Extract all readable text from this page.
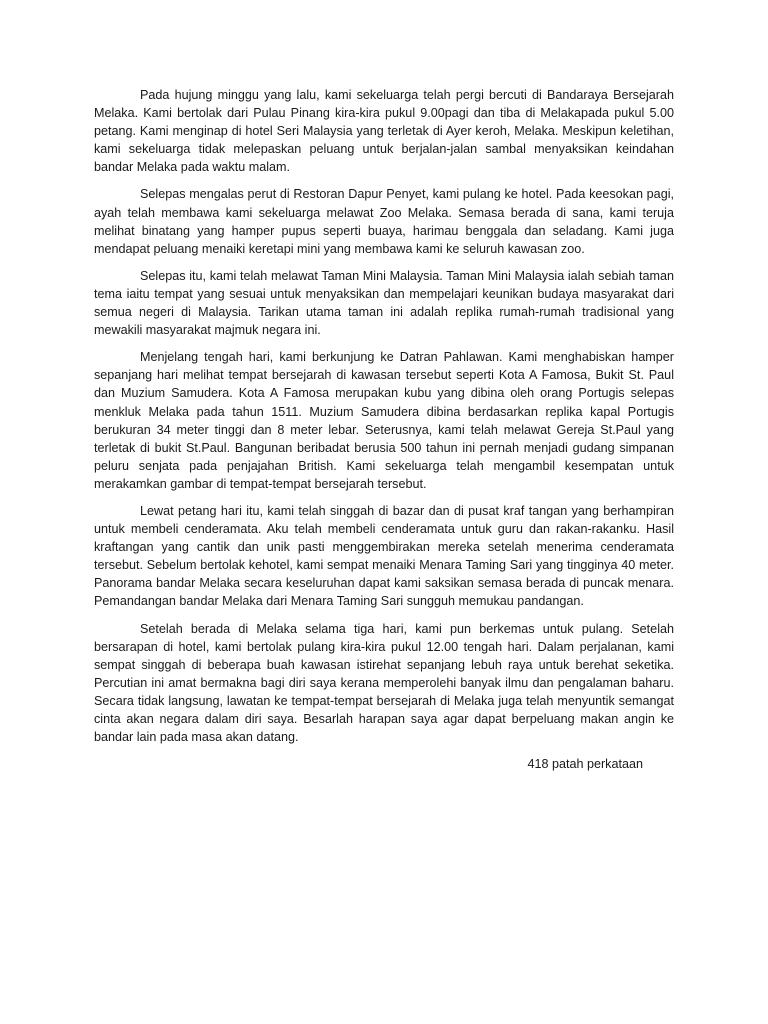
Pada hujung minggu yang lalu, kami sekeluarga telah pergi bercuti di Bandaraya Bersejarah Melaka. Kami bertolak dari Pulau Pinang kira-kira pukul 9.00pagi dan tiba di Melakapada pukul 5.00 petang. Kami menginap di hotel Seri Malaysia yang terletak di Ayer keroh, Melaka. Meskipun keletihan, kami sekeluarga tidak melepaskan peluang untuk berjalan-jalan sambal menyaksikan keindahan bandar Melaka pada waktu malam.

Selepas mengalas perut di Restoran Dapur Penyet, kami pulang ke hotel. Pada keesokan pagi, ayah telah membawa kami sekeluarga melawat Zoo Melaka. Semasa berada di sana, kami teruja melihat binatang yang hamper pupus seperti buaya, harimau benggala dan seladang. Kami juga mendapat peluang menaiki keretapi mini yang membawa kami ke seluruh kawasan zoo.

Selepas itu, kami telah melawat Taman Mini Malaysia. Taman Mini Malaysia ialah sebiah taman tema iaitu tempat yang sesuai untuk menyaksikan dan mempelajari keunikan budaya masyarakat dari semua negeri di Malaysia. Tarikan utama taman ini adalah replika rumah-rumah tradisional yang mewakili masyarakat majmuk negara ini.

Menjelang tengah hari, kami berkunjung ke Datran Pahlawan. Kami menghabiskan hamper sepanjang hari melihat tempat bersejarah di kawasan tersebut seperti Kota A Famosa, Bukit St. Paul dan Muzium Samudera. Kota A Famosa merupakan kubu yang dibina oleh orang Portugis selepas menkluk Melaka pada tahun 1511. Muzium Samudera dibina berdasarkan replika kapal Portugis berukuran 34 meter tinggi dan 8 meter lebar. Seterusnya, kami telah melawat Gereja St.Paul yang terletak di bukit St.Paul. Bangunan beribadat berusia 500 tahun ini pernah menjadi gudang simpanan peluru senjata pada penjajahan British. Kami sekeluarga telah mengambil kesempatan untuk merakamkan gambar di tempat-tempat bersejarah tersebut.

Lewat petang hari itu, kami telah singgah di bazar dan di pusat kraf tangan yang berhampiran untuk membeli cenderamata. Aku telah membeli cenderamata untuk guru dan rakan-rakanku. Hasil kraftangan yang cantik dan unik pasti menggembirakan mereka setelah menerima cenderamata tersebut. Sebelum bertolak kehotel, kami sempat menaiki Menara Taming Sari yang tingginya 40 meter. Panorama bandar Melaka secara keseluruhan dapat kami saksikan semasa berada di puncak menara. Pemandangan bandar Melaka dari Menara Taming Sari sungguh memukau pandangan.

Setelah berada di Melaka selama tiga hari, kami pun berkemas untuk pulang. Setelah bersarapan di hotel, kami bertolak pulang kira-kira pukul 12.00 tengah hari. Dalam perjalanan, kami sempat singgah di beberapa buah kawasan istirehat sepanjang lebuh raya untuk berehat seketika. Percutian ini amat bermakna bagi diri saya kerana memperolehi banyak ilmu dan pengalaman baharu. Secara tidak langsung, lawatan ke tempat-tempat bersejarah di Melaka juga telah menyuntik semangat cinta akan negara dalam diri saya. Besarlah harapan saya agar dapat berpeluang makan angin ke bandar lain pada masa akan datang.

418 patah perkataan
